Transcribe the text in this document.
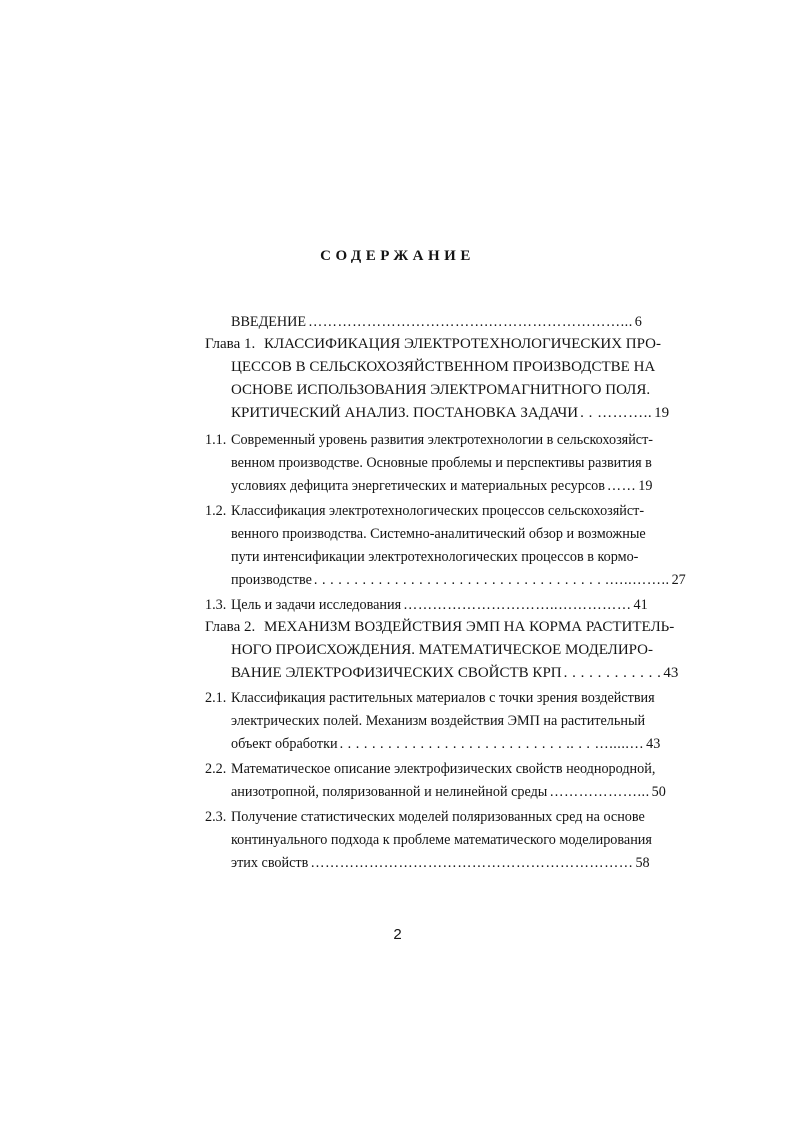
СОДЕРЖАНИЕ
ВВЕДЕНИЕ ……………………………….………………………... 6
Глава 1. КЛАССИФИКАЦИЯ ЭЛЕКТРОТЕХНОЛОГИЧЕСКИХ ПРО-
ЦЕССОВ В СЕЛЬСКОХОЗЯЙСТВЕННОМ ПРОИЗВОДСТВЕ НА
ОСНОВЕ ИСПОЛЬЗОВАНИЯ ЭЛЕКТРОМАГНИТНОГО ПОЛЯ.
КРИТИЧЕСКИЙ АНАЛИЗ. ПОСТАНОВКА ЗАДАЧИ . . ……….. 19
1.1. Современный уровень развития электротехнологии в сельскохозяйст-
венном производстве. Основные проблемы и перспективы развития в
условиях дефицита энергетических и материальных ресурсов …… 19
1.2. Классификация электротехнологических процессов сельскохозяйст-
венного производства. Системно-аналитический обзор и возможные
пути интенсификации электротехнологических процессов в кормо-
производстве . . . . . . . . . . . . . . . . . . . . . . . . . . . . . . . . . . . . .…..…….. 27
1.3. Цель и задачи исследования …………………………..…………… 41
Глава 2. МЕХАНИЗМ ВОЗДЕЙСТВИЯ ЭМП НА КОРМА РАСТИТЕЛЬ-
НОГО ПРОИСХОЖДЕНИЯ. МАТЕМАТИЧЕСКОЕ МОДЕЛИРО-
ВАНИЕ ЭЛЕКТРОФИЗИЧЕСКИХ СВОЙСТВ КРП . . . . . . . . . . . . 43
2.1. Классификация растительных материалов с точки зрения воздействия
электрических полей. Механизм воздействия ЭМП на растительный
объект обработки . . . . . . . . . . . . . . . . . . . . . . . . . . . . .. . . ….....… 43
2.2. Математическое описание электрофизических свойств неоднородной,
анизотропной, поляризованной и нелинейной среды ………………... 50
2.3. Получение статистических моделей поляризованных сред на основе
континуального подхода к проблеме математического моделирования
этих свойств ………………………………………………………… 58
2
